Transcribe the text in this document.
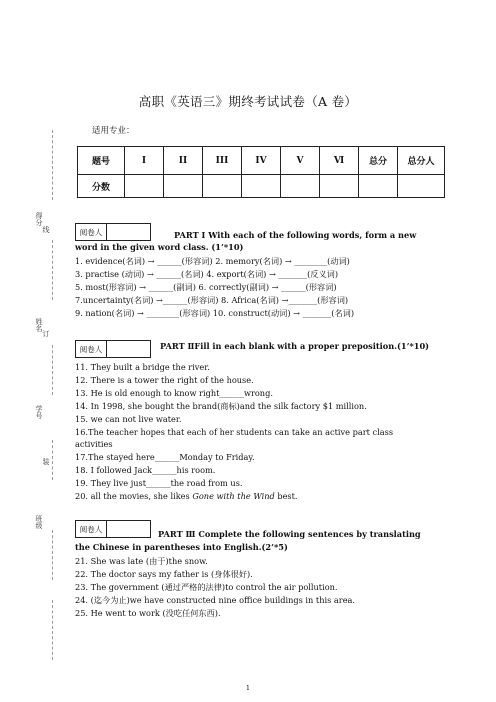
高职《英语三》期终考试试卷（A 卷）
适用专业：
得分
线
姓名
订
学号
装
班级
题号	I	II	III	IV	V	Ⅵ	总分	总分人
分数								
阅卷人	PART Ⅰ With each of the following words, form a new
word in the given word class. (1’*10)
1. evidence(名词) → ______(形容词) 2. memory(名词) → ________(动词)
3. practise (动词) → ______(名词) 4. export(名词) → _______(反义词)
5. most(形容词) → ______(副词) 6. correctly(副词) → ______(形容词)
7.uncertainty(名词) →______(形容词) 8. Africa(名词) →_______(形容词)
9. nation(名词) → ________(形容词) 10. construct(动词) → _______(名词)
阅卷人	PART ⅡFill in each blank with a proper preposition.(1’*10)
11. They built a bridge the river.
12. There is a tower the right of the house.
13. He is old enough to know right______wrong.
14. In 1998, she bought the brand(商标)and the silk factory $1 million.
15. we can not live water.
16.The teacher hopes that each of her students can take an active part class
activities
17.The stayed here______Monday to Friday.
18. I followed Jack______his room.
19. They live just______the road from us.
20. all the movies, she likes Gone with the Wind best.
阅卷人	PART Ⅲ Complete the following sentences by translating
the Chinese in parentheses into English.(2’*5)
21. She was late (由于)the snow.
22. The doctor says my father is (身体很好).
23. The government (通过严格的法律)to control the air pollution.
24. (迄今为止)we have constructed nine office buildings in this area.
25. He went to work (没吃任何东西).
1
